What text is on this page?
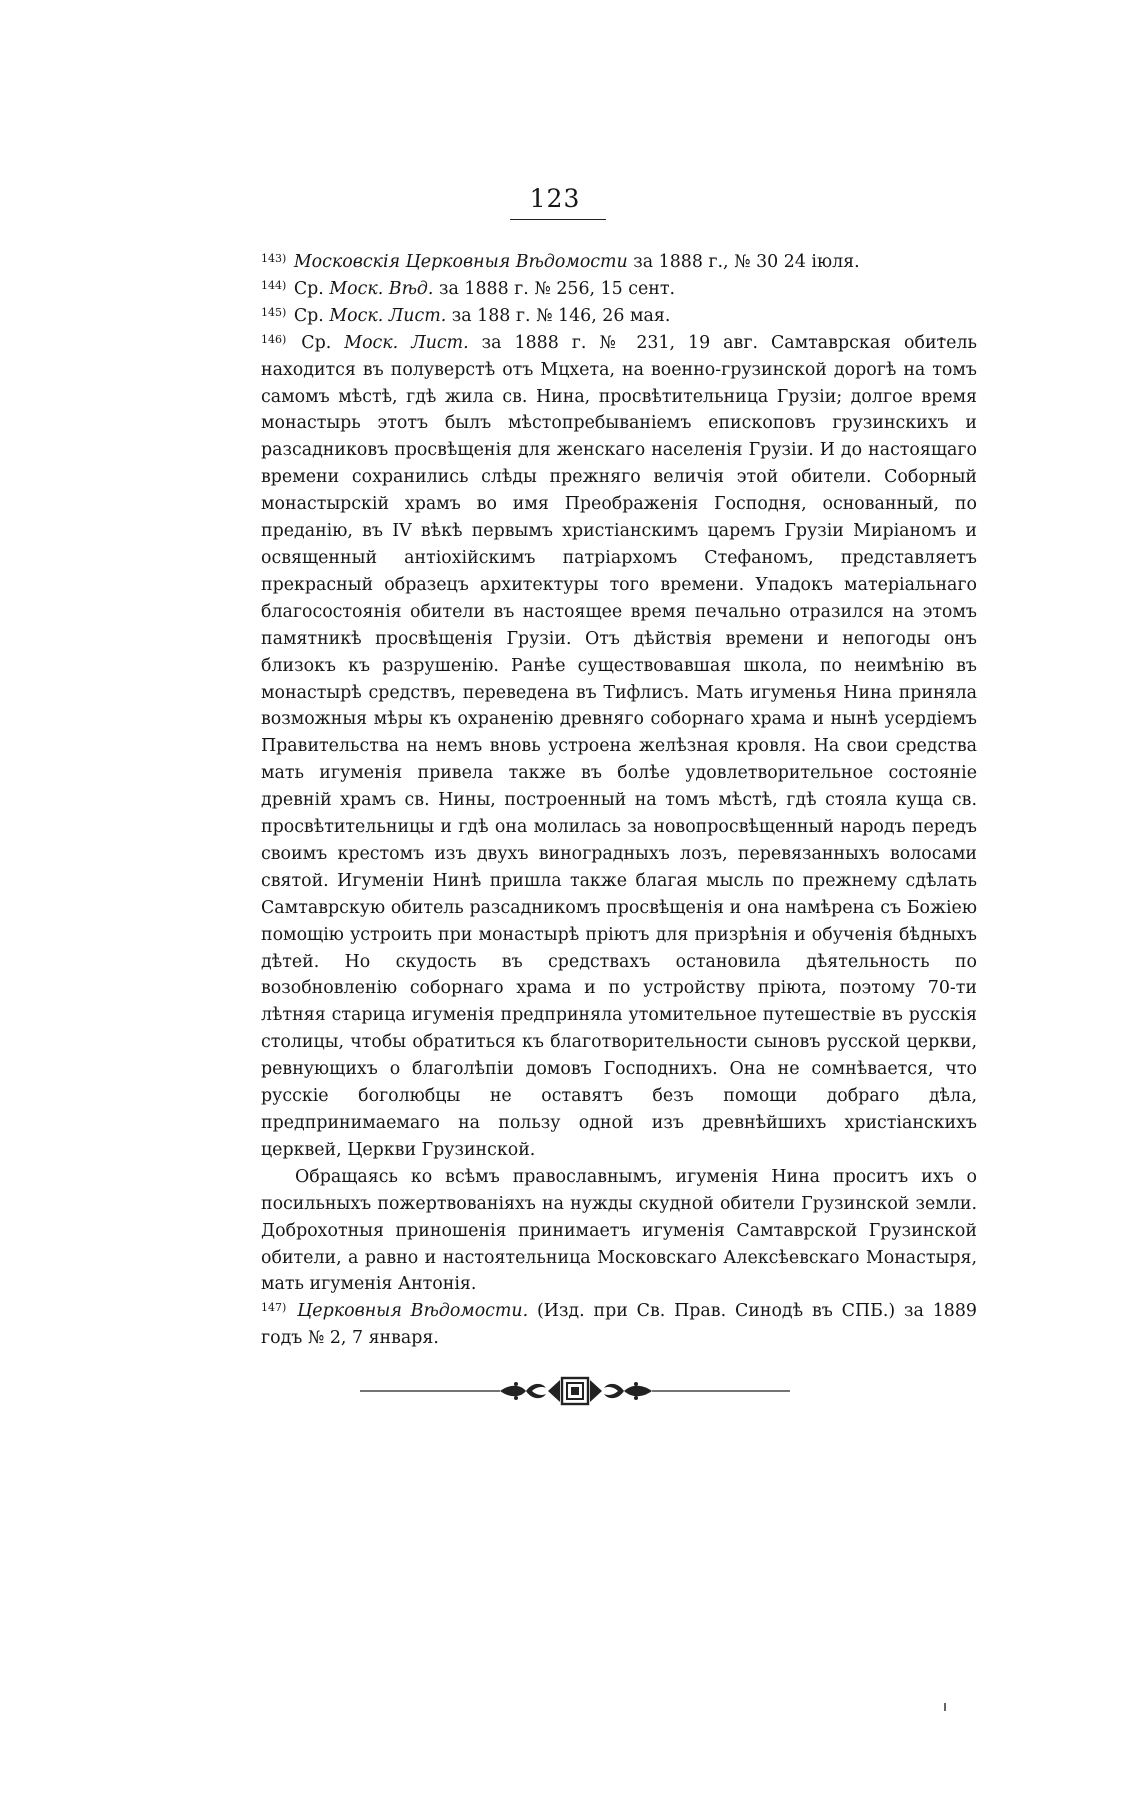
123

$^{143)}$ Московскія Церковныя Вѣдомости за 1888 г., № 30 24 іюля.

$^{144)}$ Ср. Моск. Вѣд. за 1888 г. № 256, 15 сент.

$^{145)}$ Ср. Моск. Лист. за 188 г. № 146, 26 мая.

$^{146)}$ Ср. Моск. Лист. за 1888 г. № 231, 19 авг. Самтаврская обитель находится въ полуверстѣ отъ Мцхета, на военно-грузинской дорогѣ на томъ самомъ мѣстѣ, гдѣ жила св. Нина, просвѣтительница Грузіи; долгое время монастырь этотъ былъ мѣстопребываніемъ епископовъ грузинскихъ и разсадниковъ просвѣщенія для женскаго населенія Грузіи. И до настоящаго времени сохранились слѣды прежняго величія этой обители. Соборный монастырскій храмъ во имя Преображенія Господня, основанный, по преданію, въ IV вѣкѣ первымъ христіанскимъ царемъ Грузіи Миріаномъ и освященный антіохійскимъ патріархомъ Стефаномъ, представляетъ прекрасный образецъ архитектуры того времени. Упадокъ матеріальнаго благосостоянія обители въ настоящее время печально отразился на этомъ памятникѣ просвѣщенія Грузіи. Отъ дѣйствія времени и непогоды онъ близокъ къ разрушенію. Ранѣе существовавшая школа, по неимѣнію въ монастырѣ средствъ, переведена въ Тифлисъ. Мать игуменья Нина приняла возможныя мѣры къ охраненію древняго соборнаго храма и нынѣ усердіемъ Правительства на немъ вновь устроена желѣзная кровля. На свои средства мать игуменія привела также въ болѣе удовлетворительное состояніе древній храмъ св. Нины, построенный на томъ мѣстѣ, гдѣ стояла куща св. просвѣтительницы и гдѣ она молилась за новопросвѣщенный народъ передъ своимъ крестомъ изъ двухъ виноградныхъ лозъ, перевязанныхъ волосами святой. Игуменіи Нинѣ пришла также благая мысль по прежнему сдѣлать Самтаврскую обитель разсадникомъ просвѣщенія и она намѣрена съ Божіею помощію устроить при монастырѣ пріютъ для призрѣнія и обученія бѣдныхъ дѣтей. Но скудость въ средствахъ остановила дѣятельность по возобновленію соборнаго храма и по устройству пріюта, поэтому 70-ти лѣтняя старица игуменія предприняла утомительное путешествіе въ русскія столицы, чтобы обратиться къ благотворительности сыновъ русской церкви, ревнующихъ о благолѣпіи домовъ Господнихъ. Она не сомнѣвается, что русскіе боголюбцы не оставятъ безъ помощи добраго дѣла, предпринимаемаго на пользу одной изъ древнѣйшихъ христіанскихъ церквей, Церкви Грузинской.

Обращаясь ко всѣмъ православнымъ, игуменія Нина проситъ ихъ о посильныхъ пожертвованіяхъ на нужды скудной обители Грузинской земли. Доброхотныя приношенія принимаетъ игуменія Самтаврской Грузинской обители, а равно и настоятельница Московскаго Алексѣевскаго Монастыря, мать игуменія Антонія.

$^{147)}$ Церковныя Вѣдомости. (Изд. при Св. Прав. Синодѣ въ СПБ.) за 1889 годъ № 2, 7 января.
